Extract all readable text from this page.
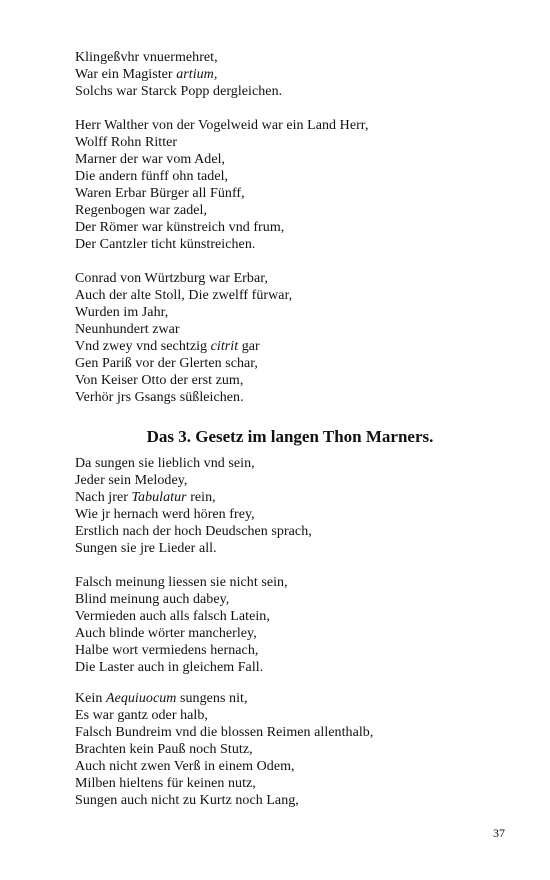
Klingeßvhr vnuermehret,
War ein Magister artium,
Solchs war Starck Popp dergleichen.
Herr Walther von der Vogelweid war ein Land Herr,
Wolff Rohn Ritter
Marner der war vom Adel,
Die andern fünff ohn tadel,
Waren Erbar Bürger all Fünff,
Regenbogen war zadel,
Der Römer war künstreich vnd frum,
Der Cantzler ticht künstreichen.
Conrad von Würtzburg war Erbar,
Auch der alte Stoll, Die zwelff fürwar,
Wurden im Jahr,
Neunhundert zwar
Vnd zwey vnd sechtzig citrit gar
Gen Pariß vor der Glerten schar,
Von Keiser Otto der erst zum,
Verhör jrs Gsangs süßleichen.
Das 3. Gesetz im langen Thon Marners.
Da sungen sie lieblich vnd sein,
Jeder sein Melodey,
Nach jrer Tabulatur rein,
Wie jr hernach werd hören frey,
Erstlich nach der hoch Deudschen sprach,
Sungen sie jre Lieder all.
Falsch meinung liessen sie nicht sein,
Blind meinung auch dabey,
Vermieden auch alls falsch Latein,
Auch blinde wörter mancherley,
Halbe wort vermiedens hernach,
Die Laster auch in gleichem Fall.
Kein Aequiuocum sungens nit,
Es war gantz oder halb,
Falsch Bundreim vnd die blossen Reimen allenthalb,
Brachten kein Pauß noch Stutz,
Auch nicht zwen Verß in einem Odem,
Milben hieltens für keinen nutz,
Sungen auch nicht zu Kurtz noch Lang,
37
